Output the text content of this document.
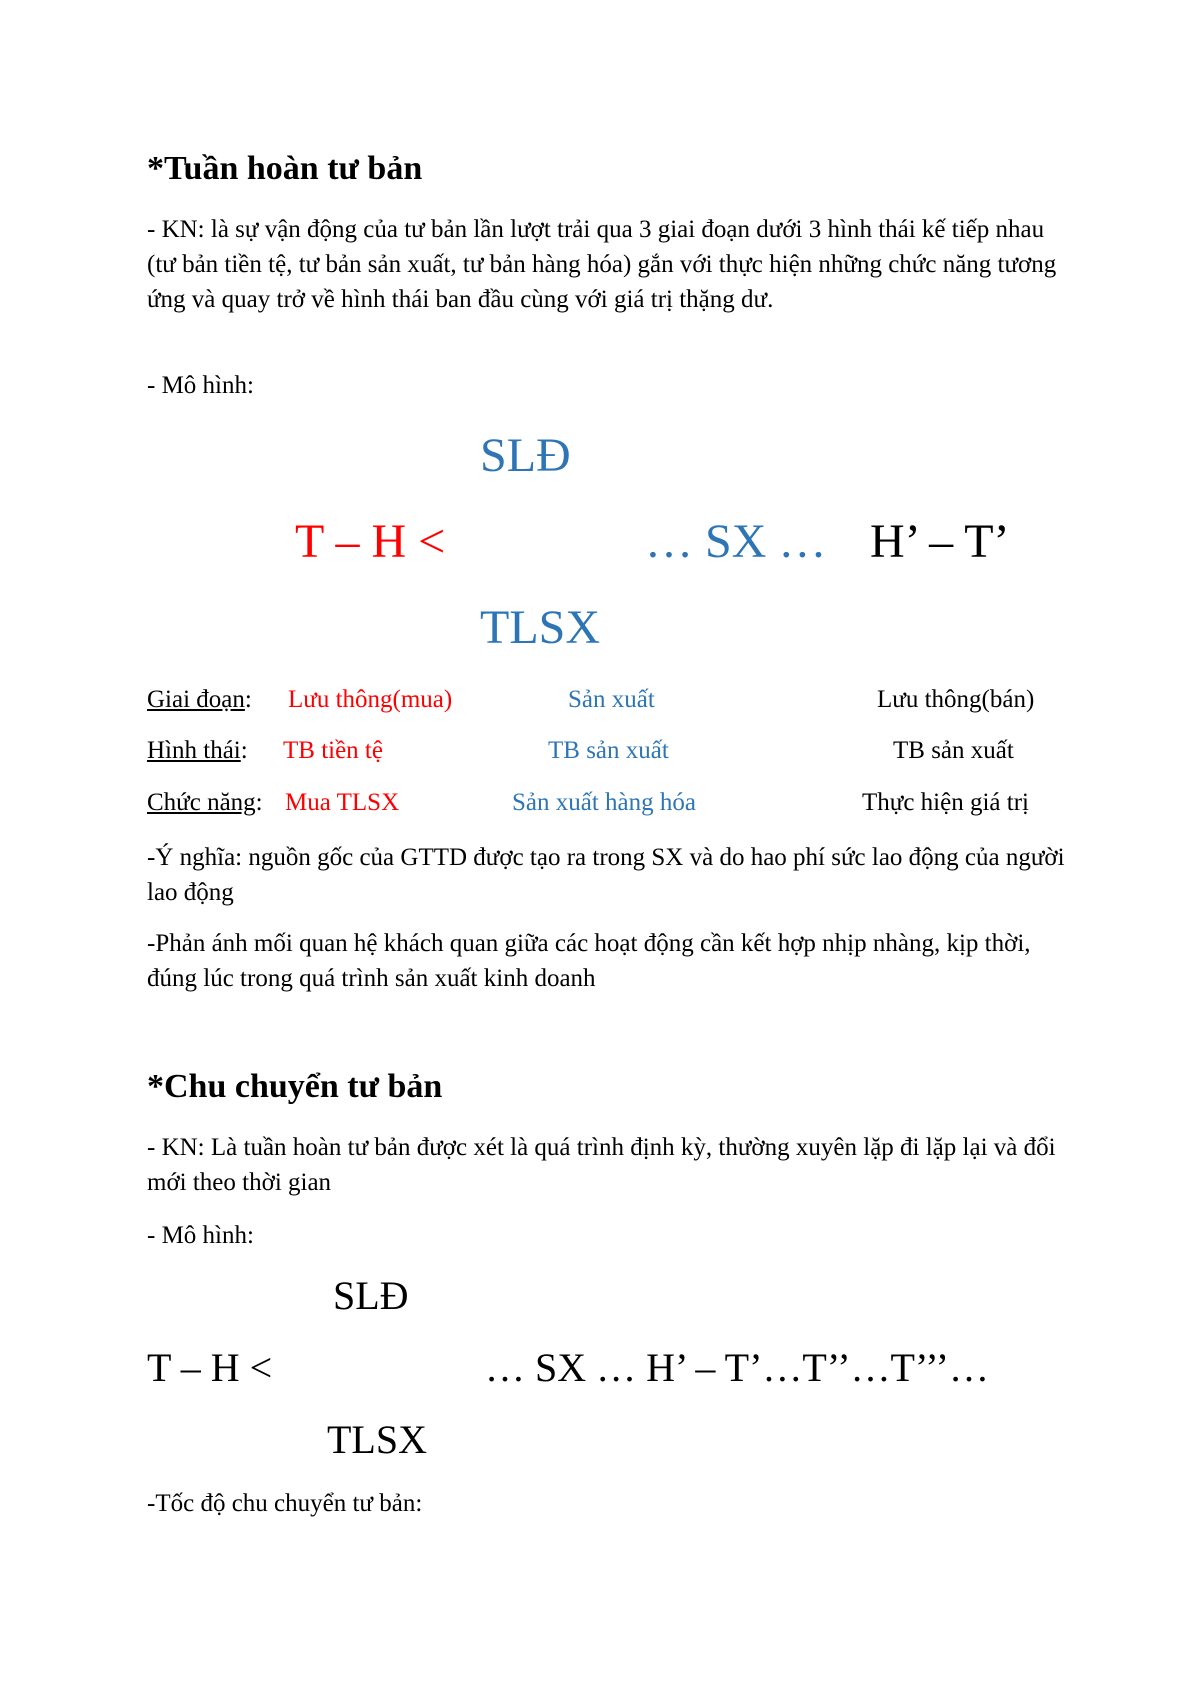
*Tuần hoàn tư bản
- KN: là sự vận động của tư bản lần lượt trải qua 3 giai đoạn dưới 3 hình thái kế tiếp nhau (tư bản tiền tệ, tư bản sản xuất, tư bản hàng hóa) gắn với thực hiện những chức năng tương ứng và quay trở về hình thái ban đầu cùng với giá trị thặng dư.
- Mô hình:
SLĐ
T – H <	… SX … H’ – T’
TLSX
Giai đoạn: Lưu thông(mua)	Sản xuất	Lưu thông(bán)
Hình thái: TB tiền tệ	TB sản xuất	TB sản xuất
Chức năng: Mua TLSX	Sản xuất hàng hóa	Thực hiện giá trị
-Ý nghĩa: nguồn gốc của GTTD được tạo ra trong SX và do hao phí sức lao động của người lao động
-Phản ánh mối quan hệ khách quan giữa các hoạt động cần kết hợp nhịp nhàng, kịp thời, đúng lúc trong quá trình sản xuất kinh doanh
*Chu chuyển tư bản
- KN: Là tuần hoàn tư bản được xét là quá trình định kỳ, thường xuyên lặp đi lặp lại và đổi mới theo thời gian
- Mô hình:
SLĐ
T – H <	… SX … H’ – T’…T’’…T’’’…
TLSX
-Tốc độ chu chuyển tư bản:
